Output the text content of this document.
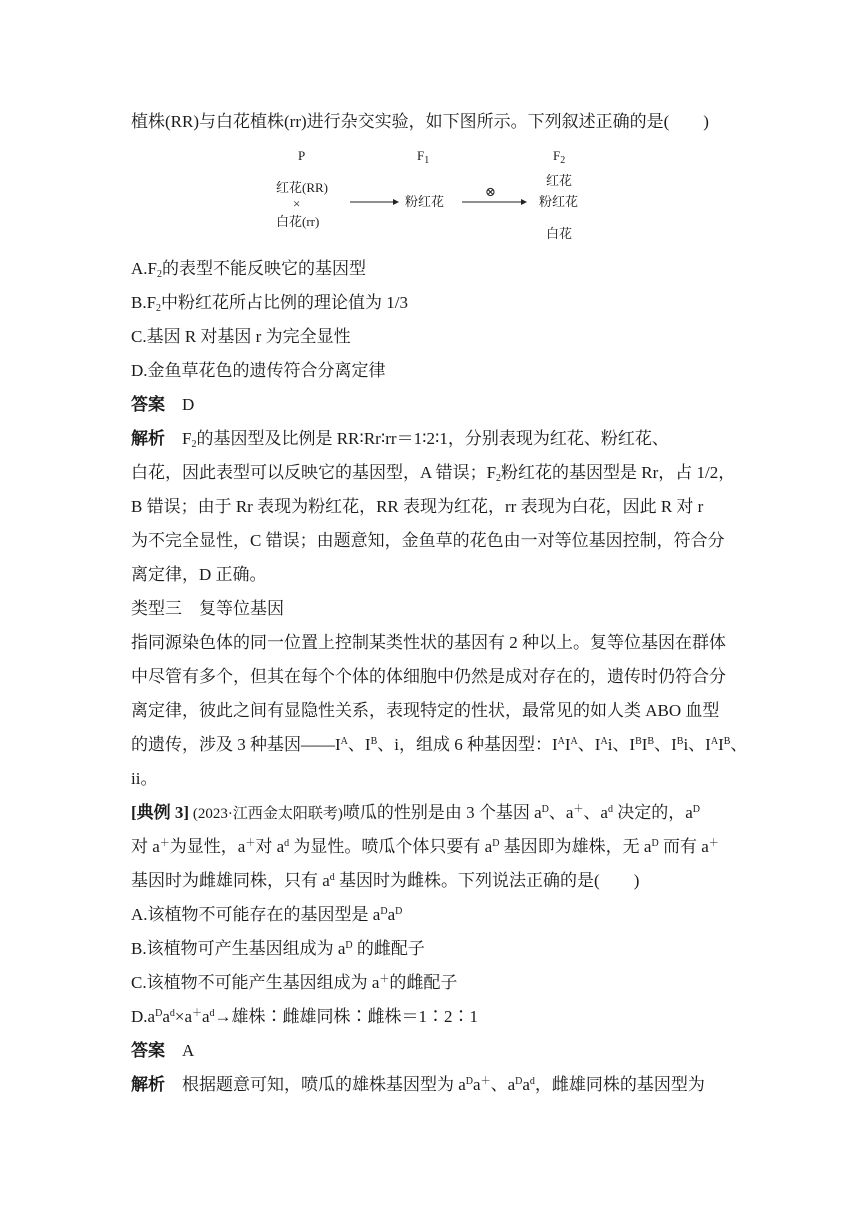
植株(RR)与白花植株(rr)进行杂交实验，如下图所示。下列叙述正确的是(　　)
P	$F_1$	$F_2$
红花(RR)
×
白花(rr)
粉红花
⊗
红花
粉红花
白花
$A.F_2$的表型不能反映它的基因型
$B.F_2$中粉红花所占比例的理论值为 1/3
C.基因 R 对基因 r 为完全显性
D.金鱼草花色的遗传符合分离定律
答案　 D
解析　 $F_2$的基因型及比例是 RR∶Rr∶rr＝1∶2∶1，分别表现为红花、粉红花、
白花，因此表型可以反映它的基因型，A 错误；$F_2$粉红花的基因型是 Rr，占 1/2，
B 错误；由于 Rr 表现为粉红花，RR 表现为红花，rr 表现为白花，因此 R 对 r
为不完全显性，C 错误；由题意知，金鱼草的花色由一对等位基因控制，符合分
离定律，D 正确。
类型三　复等位基因
指同源染色体的同一位置上控制某类性状的基因有 2 种以上。复等位基因在群体
中尽管有多个，但其在每个个体的体细胞中仍然是成对存在的，遗传时仍符合分
离定律，彼此之间有显隐性关系，表现特定的性状，最常见的如人类 ABO 血型
的遗传，涉及 3 种基因$——I^A$、$I^B$、i，组成 6 种基因型：$I^AI^A$、$I^Ai$、$I^BI^B$、$I^Bi$、$I^AI^B$、
ii。
[典例 3] (2023·江西金太阳联考)喷瓜的性别是由 3 个基因 $a^D$、a＋、$a^d$ 决定的，$a^D$
对 a＋为显性，a＋对 $a^d$ 为显性。喷瓜个体只要有 $a^D$ 基因即为雄株，无 $a^D$ 而有 a＋
基因时为雌雄同株，只有 $a^d$ 基因时为雌株。下列说法正确的是(　　)
A.该植物不可能存在的基因型是 $a^Da^D$
B.该植物可产生基因组成为 $a^D$ 的雌配子
C.该植物不可能产生基因组成为 a＋的雌配子
$D.a^Da^d\times a^+a^d\to$雄株∶雌雄同株∶雌株＝1∶2∶1
答案　 A
解析　 根据题意可知，喷瓜的雄株基因型为 $a^Da^+$、$a^Da^d$，雌雄同株的基因型为
